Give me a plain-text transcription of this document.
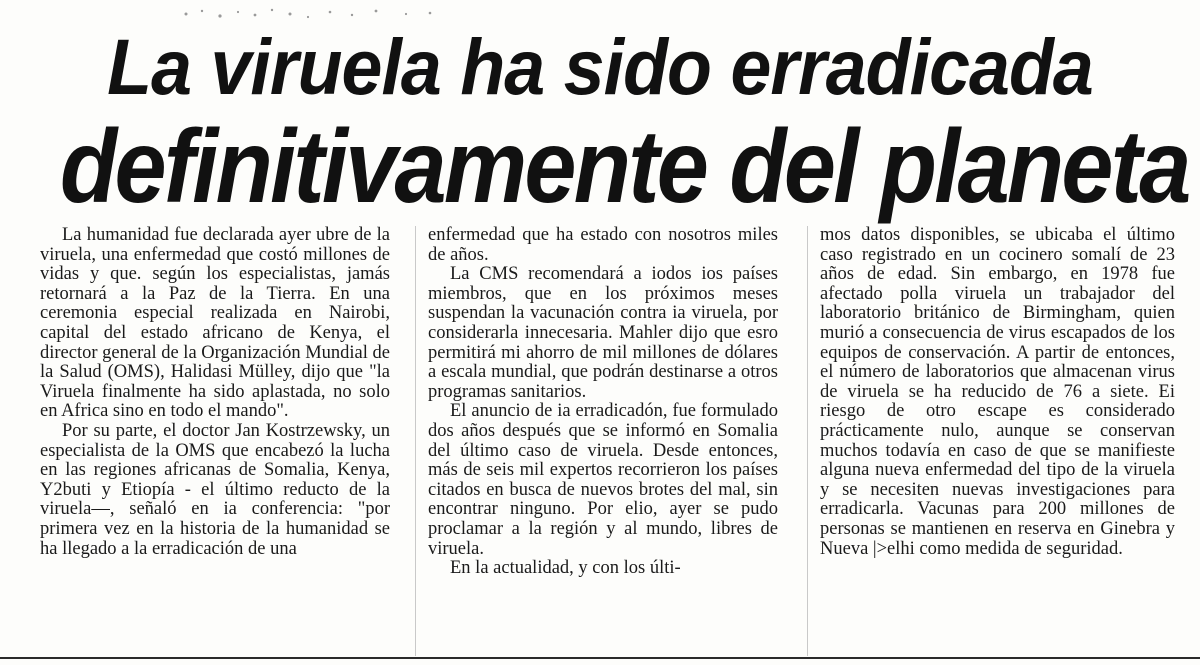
La viruela ha sido erradicada
definitivamente del planeta

La humanidad fue declarada ayer ubre de la viruela, una enfermedad que costó millones de vidas y que. según los especialistas, jamás retornará a la Paz de la Tierra. En una ceremonia especial realizada en Nairobi, capital del estado africano de Kenya, el director general de la Organización Mundial de la Salud (OMS), Halidasi Mülley, dijo que "la Viruela finalmente ha sido aplastada, no solo en Africa sino en todo el mando".

Por su parte, el doctor Jan Kostrzewsky, un especialista de la OMS que encabezó la lucha en las regiones africanas de Somalia, Kenya, Y2buti y Etiopía - el último reducto de la viruela—, señaló en ia conferencia: "por primera vez en la historia de la humanidad se ha llegado a la erradicación de una

enfermedad que ha estado con nosotros miles de años.

La CMS recomendará a iodos ios países miembros, que en los próximos meses suspendan la vacunación contra ia viruela, por considerarla innecesaria. Mahler dijo que esro permitirá mi ahorro de mil millones de dólares a escala mundial, que podrán destinarse a otros programas sanitarios.

El anuncio de ia erradicadón, fue formulado dos años después que se informó en Somalia del último caso de viruela. Desde entonces, más de seis mil expertos recorrieron los países citados en busca de nuevos brotes del mal, sin encontrar ninguno. Por elio, ayer se pudo proclamar a la región y al mundo, libres de viruela.

En la actualidad, y con los últi-

mos datos disponibles, se ubicaba el último caso registrado en un cocinero somalí de 23 años de edad. Sin embargo, en 1978 fue afectado polla viruela un trabajador del laboratorio británico de Birmingham, quien murió a consecuencia de virus escapados de los equipos de conservación. A partir de entonces, el número de laboratorios que almacenan virus de viruela se ha reducido de 76 a siete. Ei riesgo de otro escape es considerado prácticamente nulo, aunque se conservan muchos todavía en caso de que se manifieste alguna nueva enfermedad del tipo de la viruela y se necesiten nuevas investigaciones para erradicarla. Vacunas para 200 millones de personas se mantienen en reserva en Ginebra y Nueva |>elhi como medida de seguridad.
